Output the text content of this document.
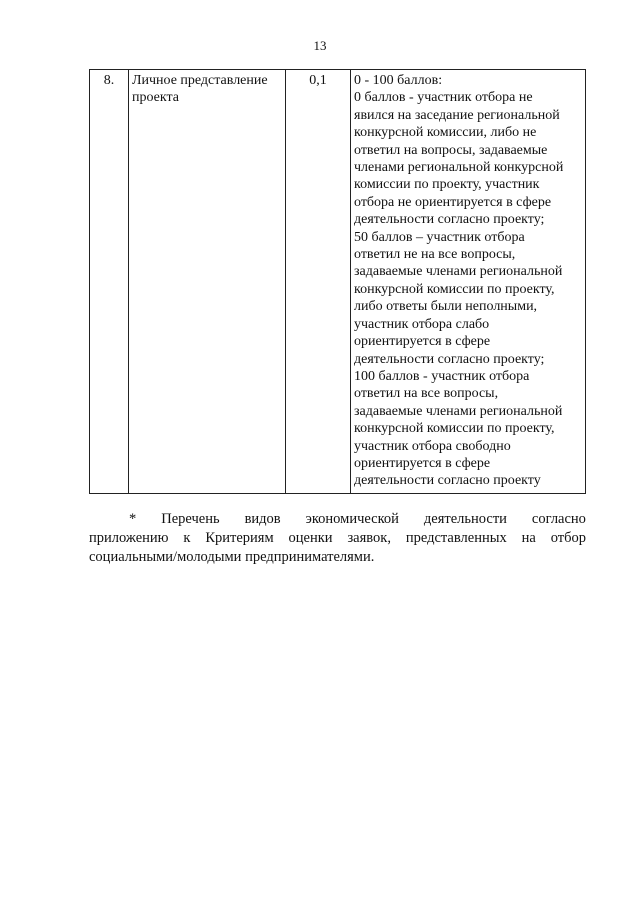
13
8.	Личное представление
проекта
	0,1	0 - 100 баллов:
0 баллов - участник отбора не
явился на заседание региональной
конкурсной комиссии, либо не
ответил на вопросы, задаваемые
членами региональной конкурсной
комиссии по проекту, участник
отбора не ориентируется в сфере
деятельности согласно проекту;
50 баллов – участник отбора
ответил не на все вопросы,
задаваемые членами региональной
конкурсной комиссии по проекту,
либо ответы были неполными,
участник отбора слабо
ориентируется в сфере
деятельности согласно проекту;
100 баллов - участник отбора
ответил на все вопросы,
задаваемые членами региональной
конкурсной комиссии по проекту,
участник отбора свободно
ориентируется в сфере
деятельности согласно проекту
* Перечень видов экономической деятельности согласно
приложению к Критериям оценки заявок, представленных на отбор
социальными/молодыми предпринимателями.
